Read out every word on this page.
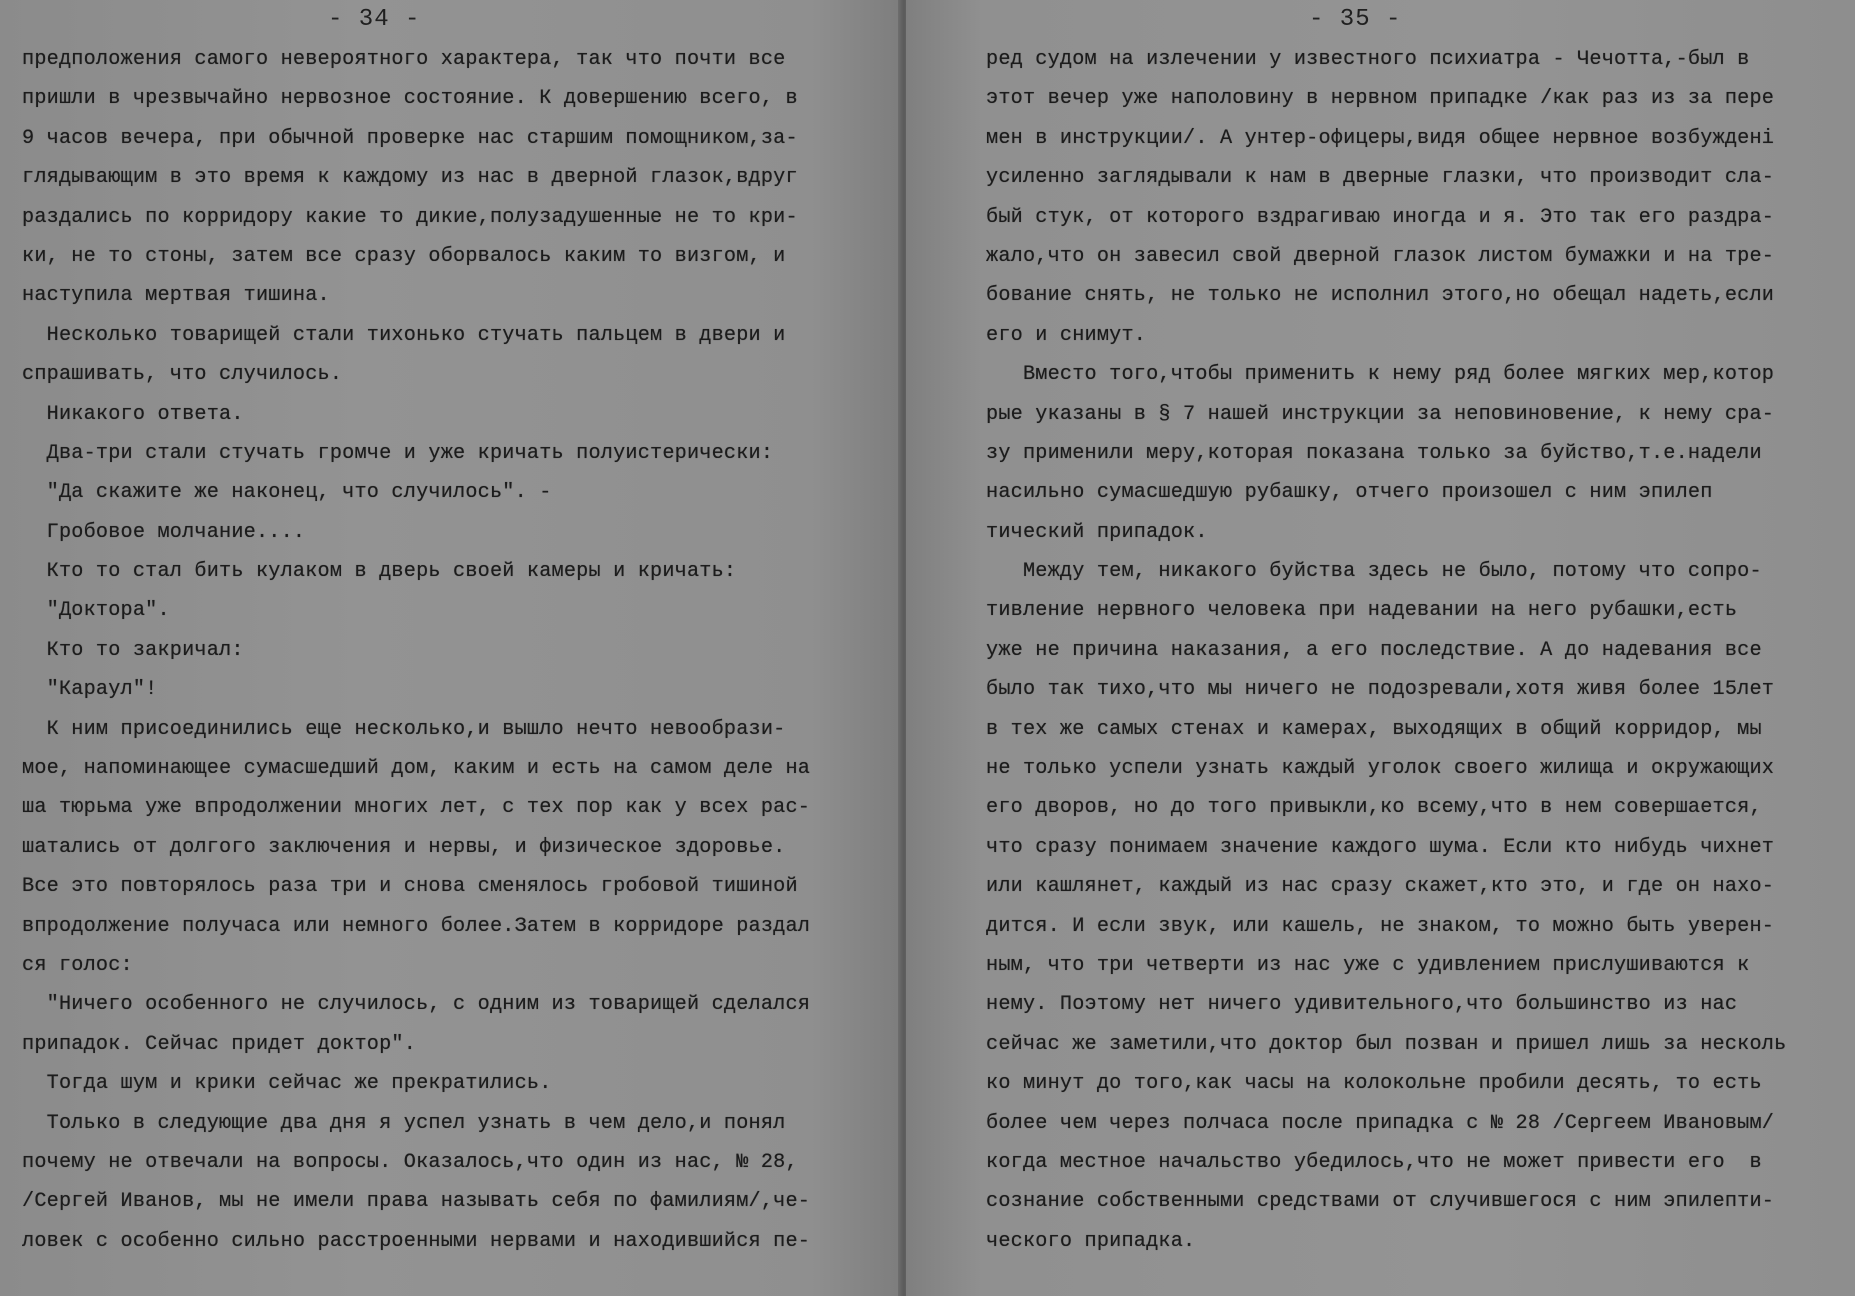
- 34 -
предположения самого невероятного характера, так что почти все
пришли в чрезвычайно нервозное состояние. К довершению всего, в
9 часов вечера, при обычной проверке нас старшим помощником,за-
глядывающим в это время к каждому из нас в дверной глазок,вдруг
раздались по корридору какие то дикие,полузадушенные не то кри-
ки, не то стоны, затем все сразу оборвалось каким то визгом, и
наступила мертвая тишина.
Несколько товарищей стали тихонько стучать пальцем в двери и
спрашивать, что случилось.
Никакого ответа.
Два-три стали стучать громче и уже кричать полуистерически:
"Да скажите же наконец, что случилось". -
Гробовое молчание....
Кто то стал бить кулаком в дверь своей камеры и кричать:
"Доктора".
Кто то закричал:
"Караул"!
К ним присоединились еще несколько,и вышло нечто невообрази-
мое, напоминающее сумасшедший дом, каким и есть на самом деле на
ша тюрьма уже впродолжении многих лет, с тех пор как у всех рас-
шатались от долгого заключения и нервы, и физическое здоровье.
Все это повторялось раза три и снова сменялось гробовой тишиной
впродолжение получаса или немного более.Затем в корридоре раздал
ся голос:
"Ничего особенного не случилось, с одним из товарищей сделался
припадок. Сейчас придет доктор".
Тогда шум и крики сейчас же прекратились.
Только в следующие два дня я успел узнать в чем дело,и понял
почему не отвечали на вопросы. Оказалось,что один из нас, № 28,
/Сергей Иванов, мы не имели права называть себя по фамилиям/,че-
ловек с особенно сильно расстроенными нервами и находившийся пе-
- 35 -
ред судом на излечении у известного психиатра - Чечотта,-был в
этот вечер уже наполовину в нервном припадке /как раз из за пере
мен в инструкции/. А унтер-офицеры,видя общее нервное возбужденi
усиленно заглядывали к нам в дверные глазки, что производит сла-
бый стук, от которого вздрагиваю иногда и я. Это так его раздра-
жало,что он завесил свой дверной глазок листом бумажки и на тре-
бование снять, не только не исполнил этого,но обещал надеть,если
его и снимут.
Вместо того,чтобы применить к нему ряд более мягких мер,котор
рые указаны в § 7 нашей инструкции за неповиновение, к нему сра-
зу применили меру,которая показана только за буйство,т.е.надели
насильно сумасшедшую рубашку, отчего произошел с ним эпилеп
тический припадок.
Между тем, никакого буйства здесь не было, потому что сопро-
тивление нервного человека при надевании на него рубашки,есть
уже не причина наказания, а его последствие. А до надевания все
было так тихо,что мы ничего не подозревали,хотя живя более 15лет
в тех же самых стенах и камерах, выходящих в общий корридор, мы
не только успели узнать каждый уголок своего жилища и окружающих
его дворов, но до того привыкли,ко всему,что в нем совершается,
что сразу понимаем значение каждого шума. Если кто нибудь чихнет
или кашлянет, каждый из нас сразу скажет,кто это, и где он нахо-
дится. И если звук, или кашель, не знаком, то можно быть уверен-
ным, что три четверти из нас уже с удивлением прислушиваются к
нему. Поэтому нет ничего удивительного,что большинство из нас
сейчас же заметили,что доктор был позван и пришел лишь за несколь
ко минут до того,как часы на колокольне пробили десять, то есть
более чем через полчаса после припадка с № 28 /Сергеем Ивановым/
когда местное начальство убедилось,что не может привести его  в
сознание собственными средствами от случившегося с ним эпилепти-
ческого припадка.
